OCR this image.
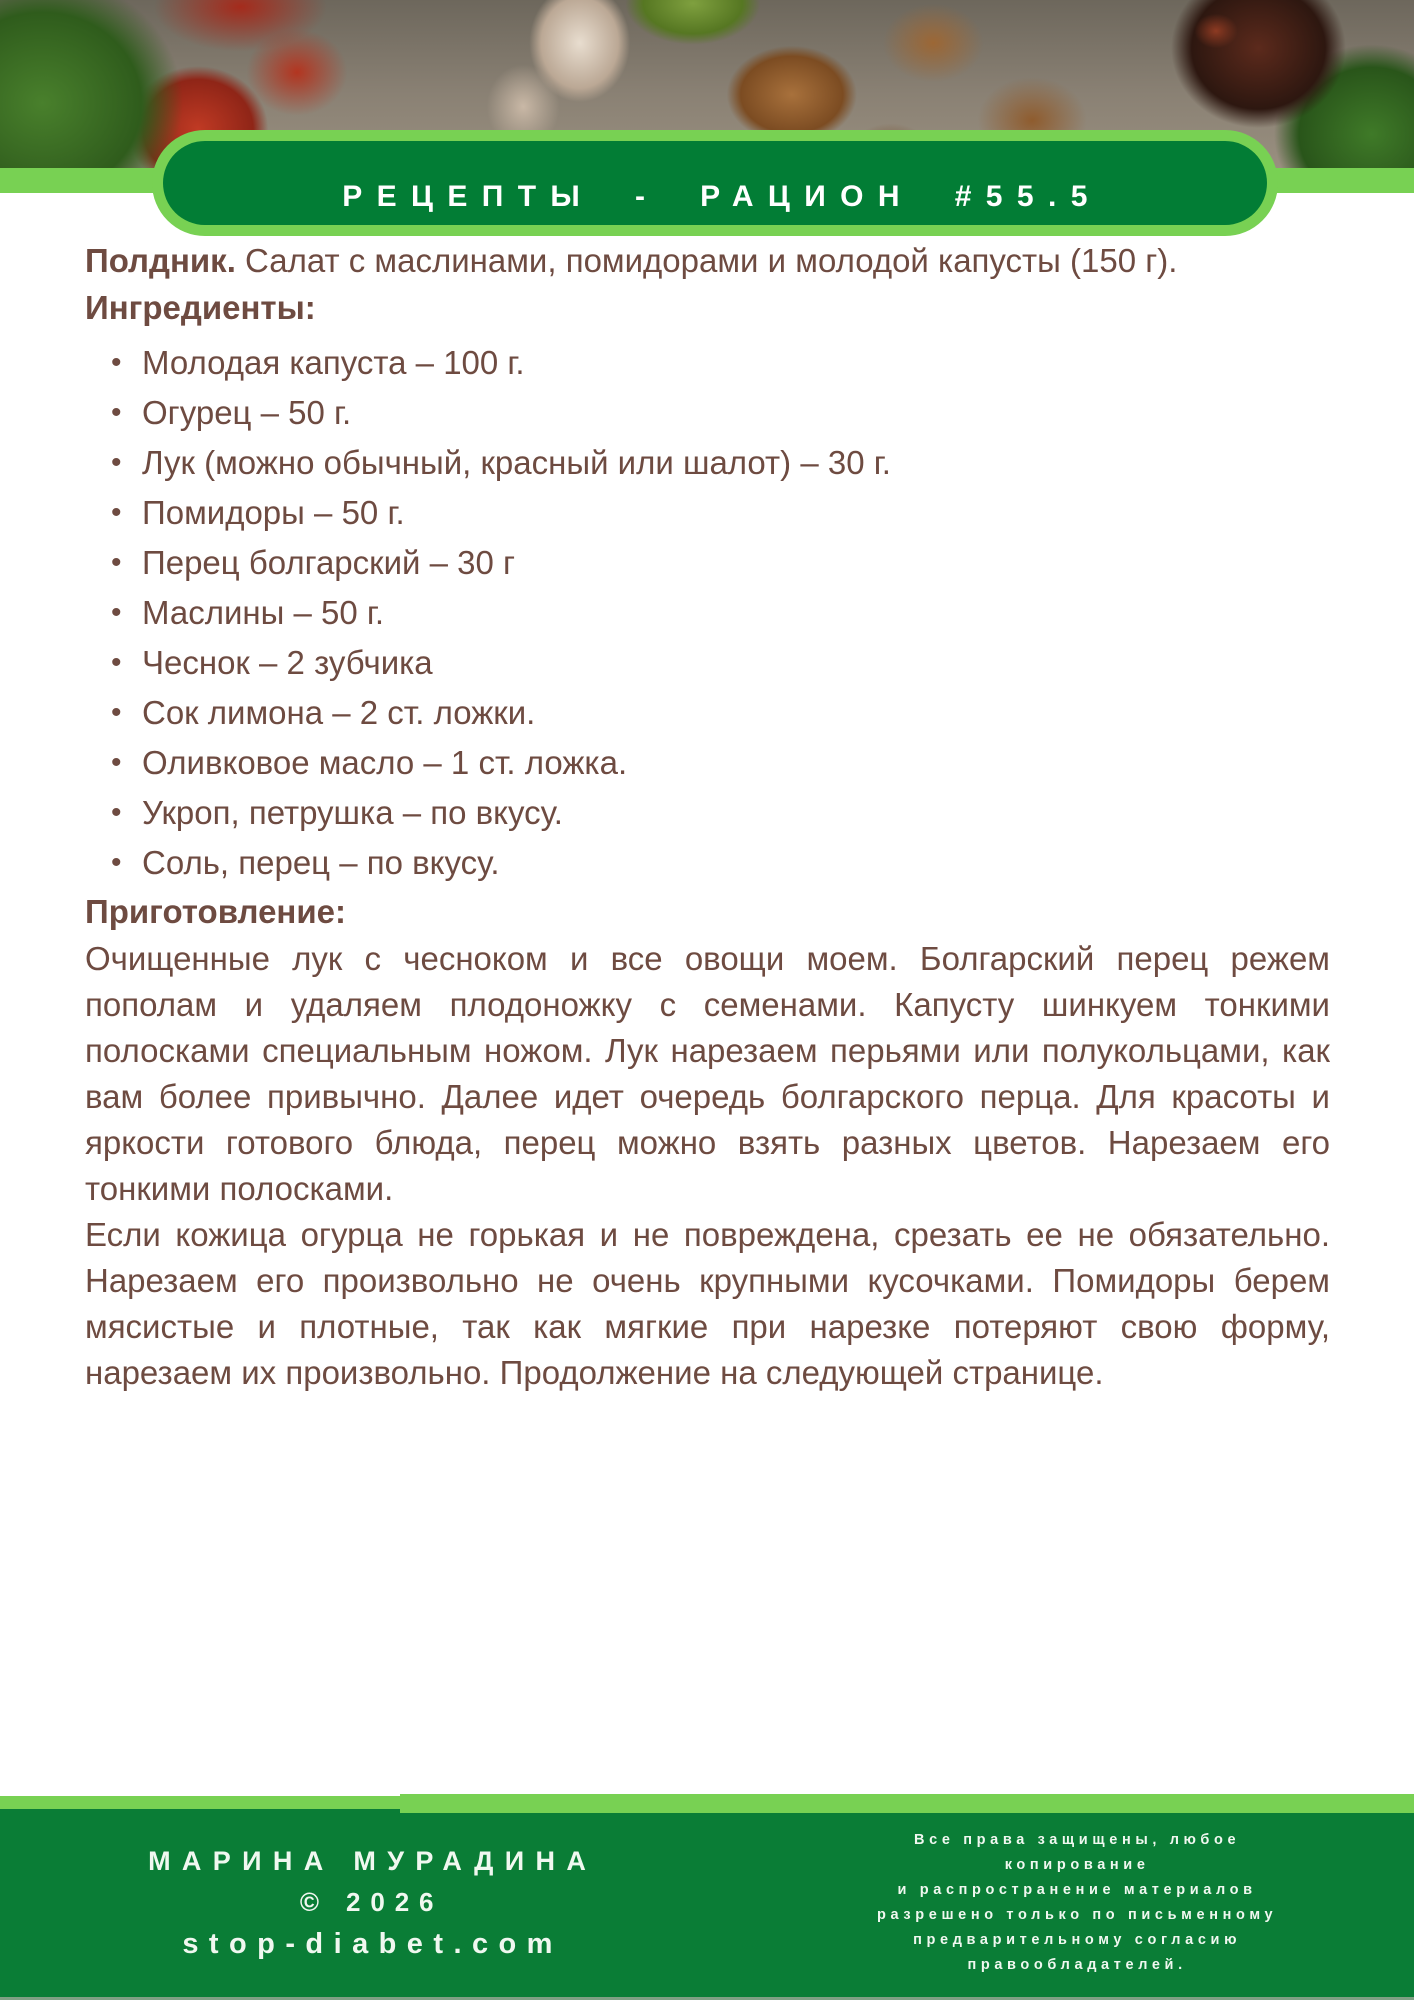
РЕЦЕПТЫ - РАЦИОН #55.5

Полдник. Салат с маслинами, помидорами и молодой капусты (150 г).

Ингредиенты:
• Молодая капуста – 100 г.
• Огурец – 50 г.
• Лук (можно обычный, красный или шалот) – 30 г.
• Помидоры – 50 г.
• Перец болгарский – 30 г
• Маслины – 50 г.
• Чеснок – 2 зубчика
• Сок лимона – 2 ст. ложки.
• Оливковое масло – 1 ст. ложка.
• Укроп, петрушка – по вкусу.
• Соль, перец – по вкусу.
Приготовление:

Очищенные лук с чесноком и все овощи моем. Болгарский перец режем пополам и удаляем плодоножку с семенами. Капусту шинкуем тонкими полосками специальным ножом. Лук нарезаем перьями или полукольцами, как вам более привычно. Далее идет очередь болгарского перца. Для красоты и яркости готового блюда, перец можно взять разных цветов. Нарезаем его тонкими полосками.

Если кожица огурца не горькая и не повреждена, срезать ее не обязательно. Нарезаем его произвольно не очень крупными кусочками. Помидоры берем мясистые и плотные, так как мягкие при нарезке потеряют свою форму, нарезаем их произвольно. Продолжение на следующей странице.

МАРИНА МУРАДИНА
© 2026
stop-diabet.com
Все права защищены, любое
копирование
и распространение материалов
разрешено только по письменному
предварительному согласию
правообладателей.
